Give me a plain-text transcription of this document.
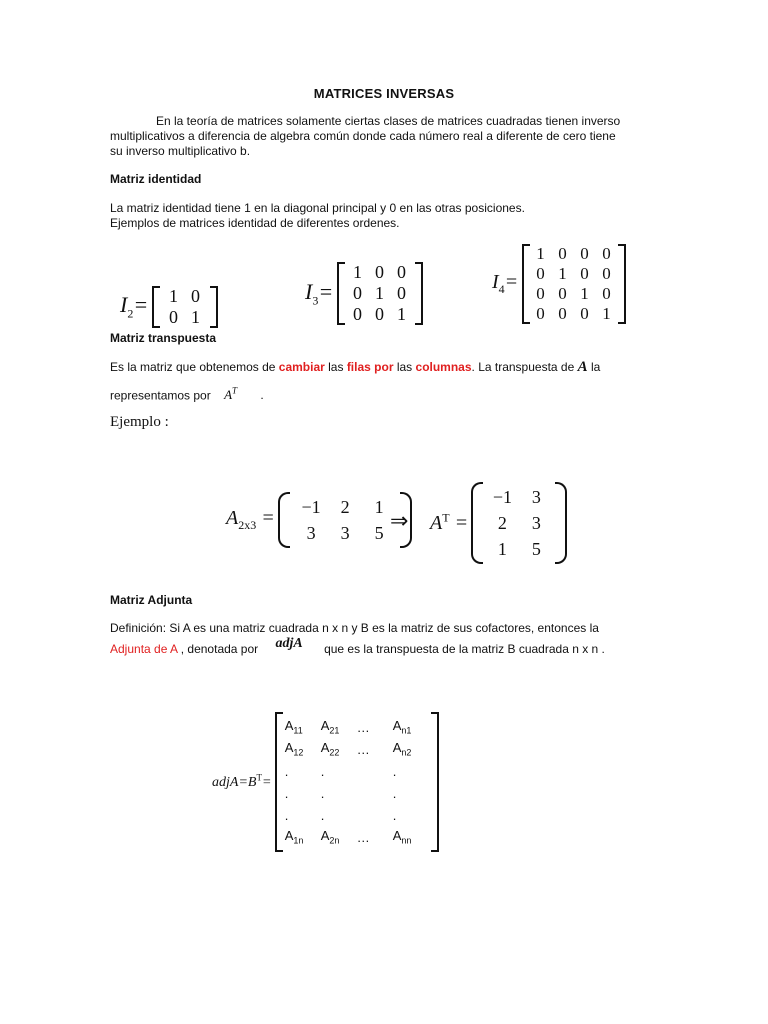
MATRICES INVERSAS
En la teoría de matrices solamente ciertas clases de matrices cuadradas tienen inverso
multiplicativos a diferencia de algebra común donde cada número real a diferente de cero tiene
su inverso multiplicativo b.
Matriz identidad
La matriz identidad tiene 1 en la diagonal principal y 0 en las otras posiciones.
Ejemplos de matrices identidad de diferentes ordenes.
$I_2= 1$	0
0	1
$I_3=$
1	0	0
0	1	0
0	0	1
$I_4=$
1	0	0	0
0	1	0	0
0	0	1	0
0	0	0	1
Matriz transpuesta
Es la matriz que obtenemos de cambiar las filas por las columnas. La transpuesta de A la
representamos por $A^T$ .
Ejemplo :
$A_{2x3}$ =
−1	2	1
3	3	5 ⇒ $A^T$ =
−1	3
2	3
1	5
Matriz Adjunta
Definición: Si A es una matriz cuadrada n x n y B es la matriz de sus cofactores, entonces la
Adjunta de A , denotada por adjA que es la transpuesta de la matriz B cuadrada n x n .
$adjA=B^T=$
$A_{11}$	$A_{21}$	…	$A_{n1}$
$A_{12}$	$A_{22}$	…	$A_{n2}$
.	.		.
.	.		.
.	.		.
$A_{1n}$	$A_{2n}$	…	$A_{nn}$
